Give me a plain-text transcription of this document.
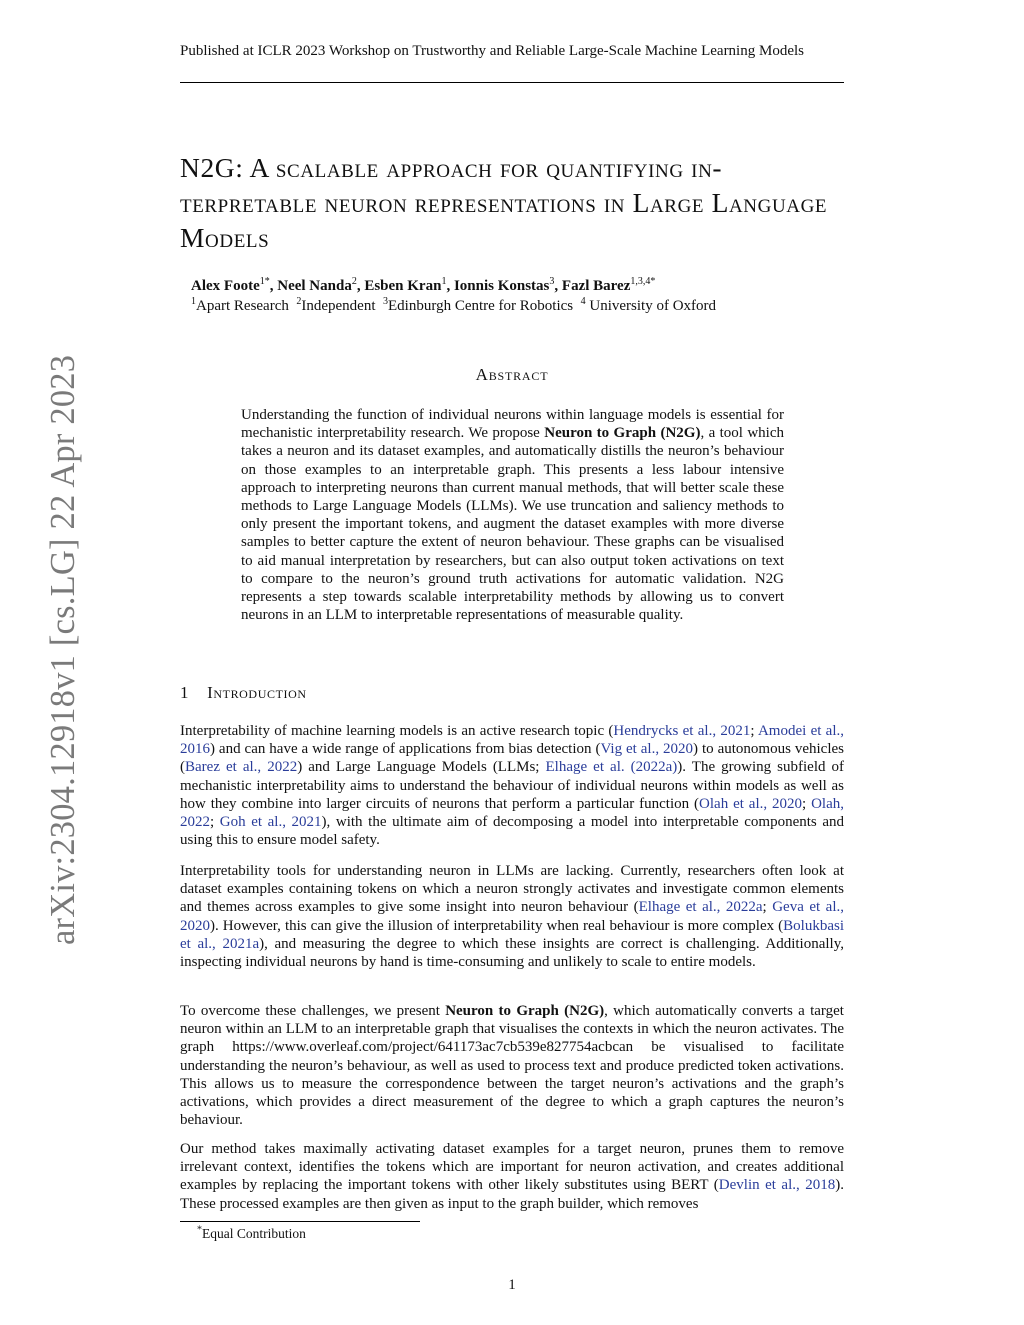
Published at ICLR 2023 Workshop on Trustworthy and Reliable Large-Scale Machine Learning Models
arXiv:2304.12918v1 [cs.LG] 22 Apr 2023
N2G: A scalable approach for quantifying in-terpretable neuron representations in Large Language Models
Alex Foote$^{1*}$, Neel Nanda$^2$, Esben Kran$^1$, Ionnis Konstas$^3$, Fazl Barez$^{1,3,4*}$
$^1$Apart Research $^2$Independent $^3$Edinburgh Centre for Robotics $^4$ University of Oxford
Abstract
Understanding the function of individual neurons within language models is essential for mechanistic interpretability research. We propose Neuron to Graph (N2G), a tool which takes a neuron and its dataset examples, and automatically distills the neuron’s behaviour on those examples to an interpretable graph. This presents a less labour intensive approach to interpreting neurons than current manual methods, that will better scale these methods to Large Language Models (LLMs). We use truncation and saliency methods to only present the important tokens, and augment the dataset examples with more diverse samples to better capture the extent of neuron behaviour. These graphs can be visualised to aid manual interpretation by researchers, but can also output token activations on text to compare to the neuron’s ground truth activations for automatic validation. N2G represents a step towards scalable interpretability methods by allowing us to convert neurons in an LLM to interpretable representations of measurable quality.
1 Introduction

Interpretability of machine learning models is an active research topic (Hendrycks et al., 2021; Amodei et al., 2016) and can have a wide range of applications from bias detection (Vig et al., 2020) to autonomous vehicles (Barez et al., 2022) and Large Language Models (LLMs; Elhage et al. (2022a)). The growing subfield of mechanistic interpretability aims to understand the behaviour of individual neurons within models as well as how they combine into larger circuits of neurons that perform a particular function (Olah et al., 2020; Olah, 2022; Goh et al., 2021), with the ultimate aim of decomposing a model into interpretable components and using this to ensure model safety.

Interpretability tools for understanding neuron in LLMs are lacking. Currently, researchers often look at dataset examples containing tokens on which a neuron strongly activates and investigate common elements and themes across examples to give some insight into neuron behaviour (Elhage et al., 2022a; Geva et al., 2020). However, this can give the illusion of interpretability when real behaviour is more complex (Bolukbasi et al., 2021a), and measuring the degree to which these insights are correct is challenging. Additionally, inspecting individual neurons by hand is time-consuming and unlikely to scale to entire models.

To overcome these challenges, we present Neuron to Graph (N2G), which automatically converts a target neuron within an LLM to an interpretable graph that visualises the contexts in which the neuron activates. The graph https://www.overleaf.com/project/641173ac7cb539e827754acbcan be visualised to facilitate understanding the neuron’s behaviour, as well as used to process text and produce predicted token activations. This allows us to measure the correspondence between the target neuron’s activations and the graph’s activations, which provides a direct measurement of the degree to which a graph captures the neuron’s behaviour.

Our method takes maximally activating dataset examples for a target neuron, prunes them to remove irrelevant context, identifies the tokens which are important for neuron activation, and creates additional examples by replacing the important tokens with other likely substitutes using BERT (Devlin et al., 2018). These processed examples are then given as input to the graph builder, which removes

*Equal Contribution
1
